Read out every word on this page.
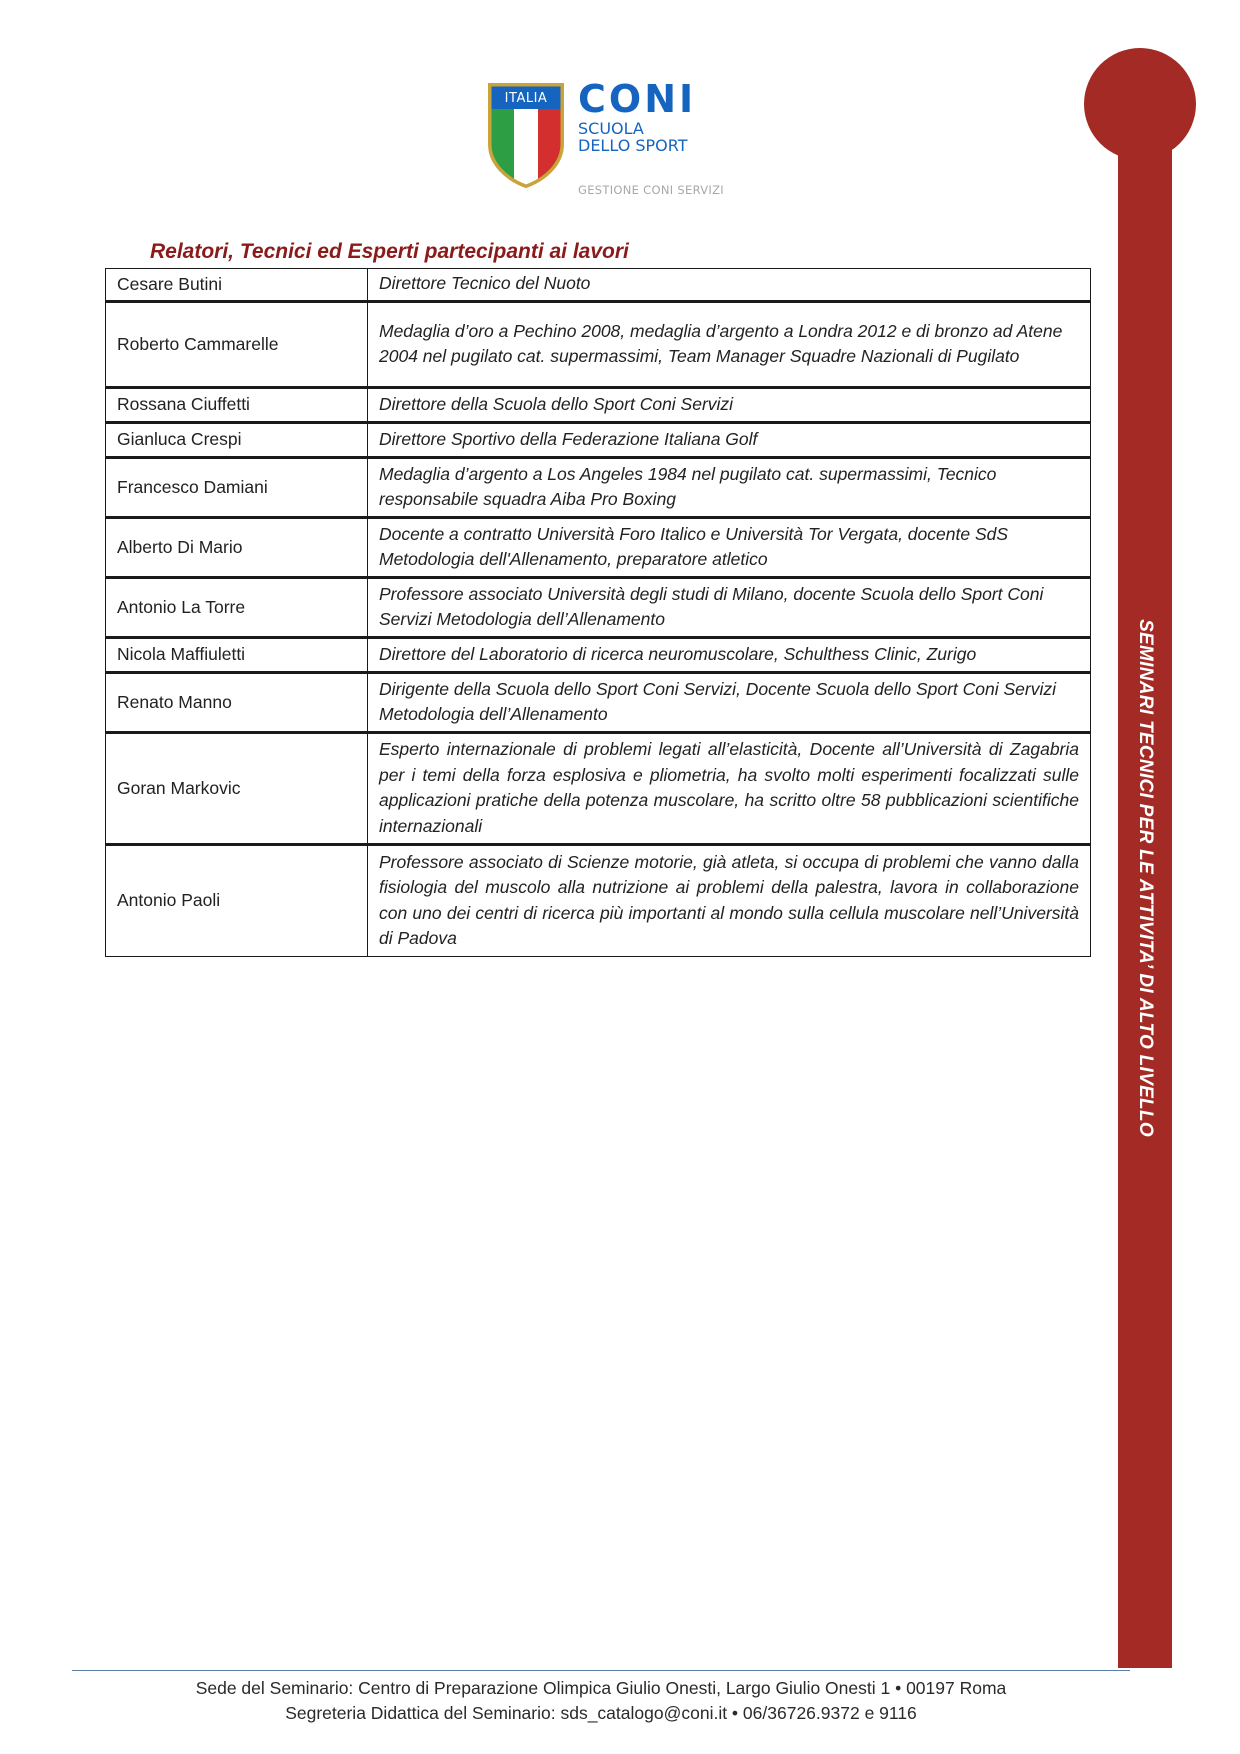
ITALIA CONI
SCUOLA
DELLO SPORT
GESTIONE CONI SERVIZI
Relatori, Tecnici ed Esperti partecipanti ai lavori
Cesare Butini	Direttore Tecnico del Nuoto
Roberto Cammarelle	Medaglia d’oro a Pechino 2008, medaglia d’argento a Londra 2012 e di bronzo ad Atene 2004 nel pugilato cat. supermassimi, Team Manager Squadre Nazionali di Pugilato
Rossana Ciuffetti	Direttore della Scuola dello Sport Coni Servizi
Gianluca Crespi	Direttore Sportivo della Federazione Italiana Golf
Francesco Damiani	Medaglia d’argento a Los Angeles 1984 nel pugilato cat. supermassimi, Tecnico responsabile squadra Aiba Pro Boxing
Alberto Di Mario	Docente a contratto Università Foro Italico e Università Tor Vergata, docente SdS Metodologia dell'Allenamento, preparatore atletico
Antonio La Torre	Professore associato Università degli studi di Milano, docente Scuola dello Sport Coni Servizi Metodologia dell’Allenamento
Nicola Maffiuletti	Direttore del Laboratorio di ricerca neuromuscolare, Schulthess Clinic, Zurigo
Renato Manno	Dirigente della Scuola dello Sport Coni Servizi, Docente Scuola dello Sport Coni Servizi Metodologia dell’Allenamento
Goran Markovic	Esperto internazionale di problemi legati all’elasticità, Docente all’Università di Zagabria per i temi della forza esplosiva e pliometria, ha svolto molti esperimenti focalizzati sulle applicazioni pratiche della potenza muscolare, ha scritto oltre 58 pubblicazioni scientifiche internazionali
Antonio Paoli	Professore associato di Scienze motorie, già atleta, si occupa di problemi che vanno dalla fisiologia del muscolo alla nutrizione ai problemi della palestra, lavora in collaborazione con uno dei centri di ricerca più importanti al mondo sulla cellula muscolare nell’Università di Padova	SEMINARI TECNICI PER LE ATTIVITA’ DI ALTO LIVELLO
Sede del Seminario: Centro di Preparazione Olimpica Giulio Onesti, Largo Giulio Onesti 1 • 00197 Roma
Segreteria Didattica del Seminario: sds_catalogo@coni.it • 06/36726.9372 e 9116
